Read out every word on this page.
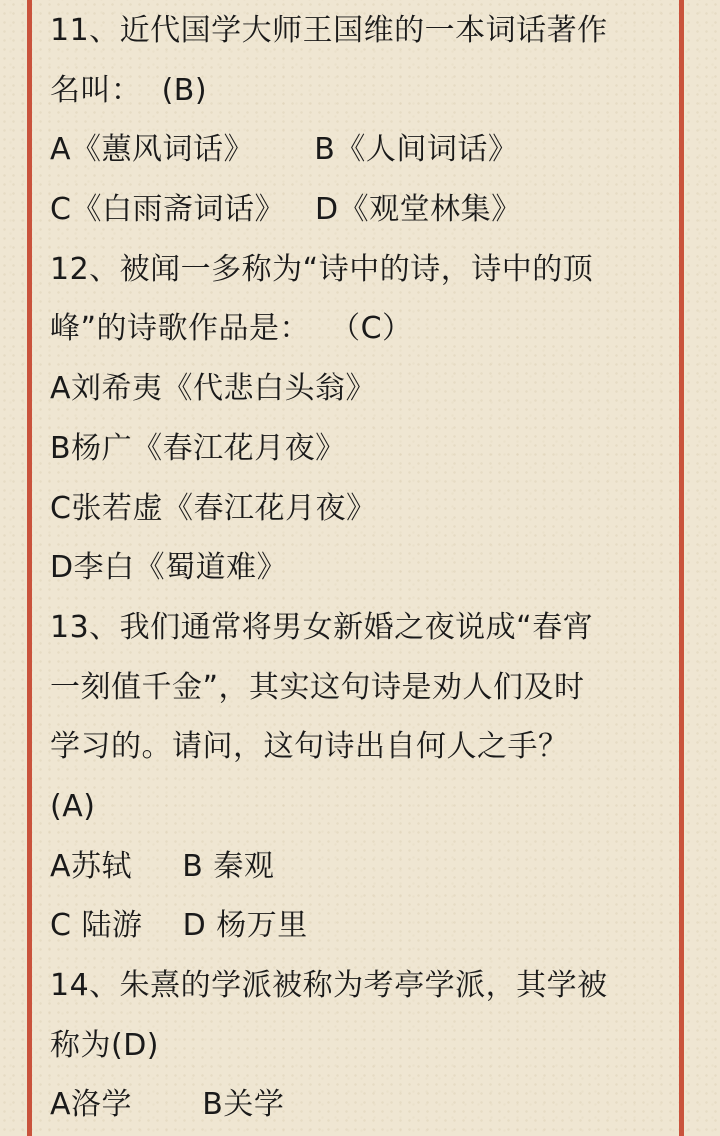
11、近代国学大师王国维的一本词话著作
名叫：  (B)
A《蕙风词话》      B《人间词话》
C《白雨斋词话》   D《观堂林集》
12、被闻一多称为“诗中的诗，诗中的顶
峰”的诗歌作品是：  （C）
A刘希夷《代悲白头翁》
B杨广《春江花月夜》
C张若虚《春江花月夜》
D李白《蜀道难》
13、我们通常将男女新婚之夜说成“春宵
一刻值千金”，其实这句诗是劝人们及时
学习的。请问，这句诗出自何人之手？
(A)
A苏轼     B 秦观
C 陆游    D 杨万里
14、朱熹的学派被称为考亭学派，其学被
称为(D)
A洛学       B关学
